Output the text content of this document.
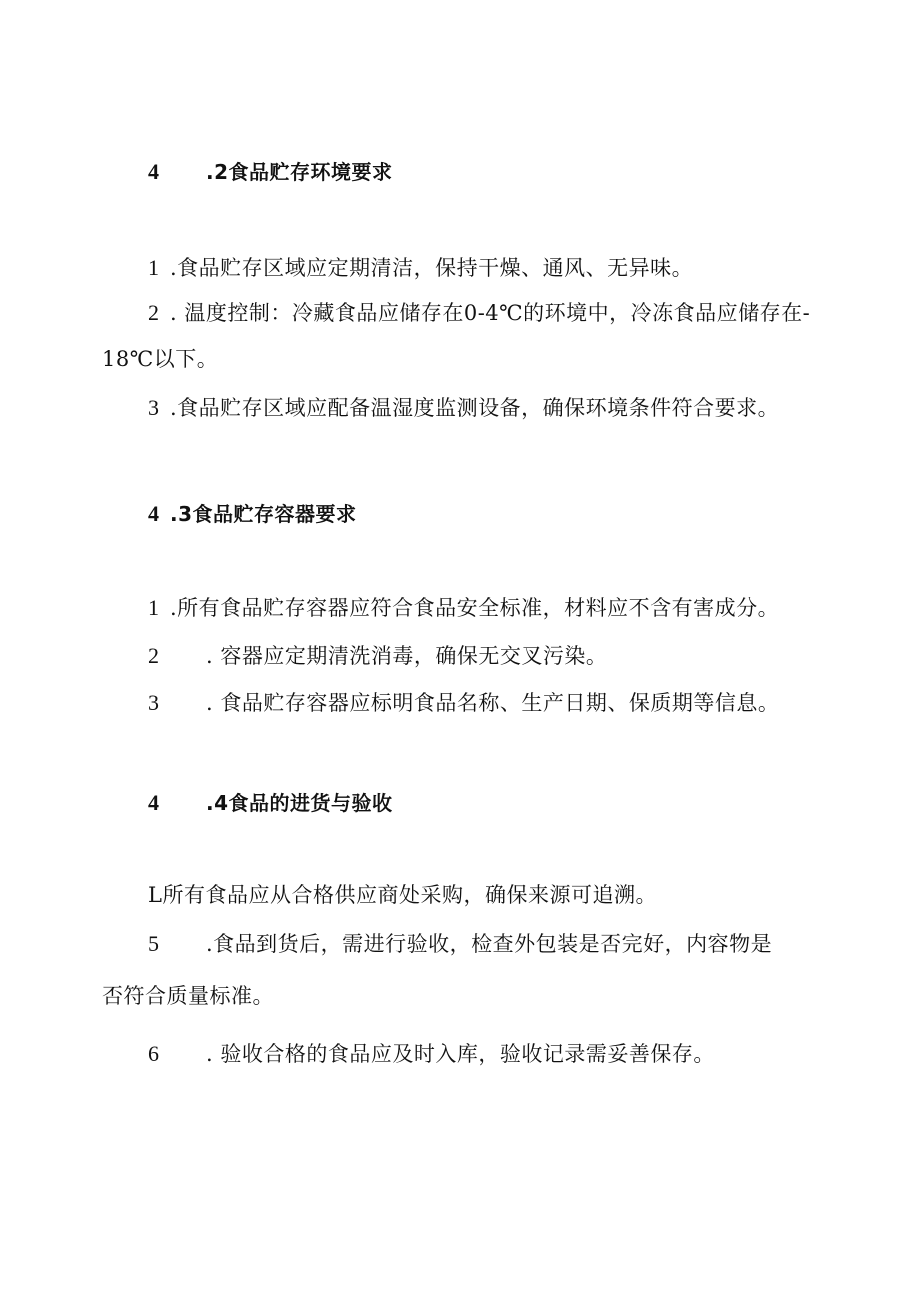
4 .2食品贮存环境要求
1 .食品贮存区域应定期清洁，保持干燥、通风、无异味。
2 . 温度控制：冷藏食品应储存在0-4℃的环境中，冷冻食品应储存在-
18℃以下。
3 .食品贮存区域应配备温湿度监测设备，确保环境条件符合要求。
4 .3食品贮存容器要求
1 .所有食品贮存容器应符合食品安全标准，材料应不含有害成分。
2 . 容器应定期清洗消毒，确保无交叉污染。
3 . 食品贮存容器应标明食品名称、生产日期、保质期等信息。
4 .4食品的进货与验收
L所有食品应从合格供应商处采购，确保来源可追溯。
5 .食品到货后，需进行验收，检查外包装是否完好，内容物是
否符合质量标准。
6 . 验收合格的食品应及时入库，验收记录需妥善保存。
